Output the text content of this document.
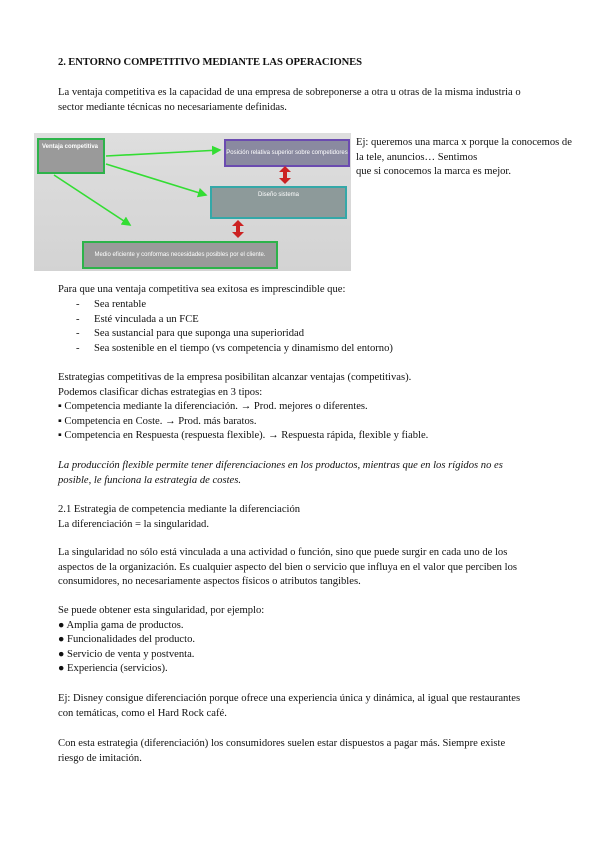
2. ENTORNO COMPETITIVO MEDIANTE LAS OPERACIONES
La ventaja competitiva es la capacidad de una empresa de sobreponerse a otra u otras de la misma industria o
sector mediante técnicas no necesariamente definidas.
Ventaja competitiva
Posición relativa superior sobre competidores
Diseño sistema
Medio eficiente y conformas necesidades posibles por el cliente.
Ej: queremos una marca x porque la conocemos de
la tele, anuncios… Sentimos
que si conocemos la marca es mejor.
Para que una ventaja competitiva sea exitosa es imprescindible que:
- Sea rentable
- Esté vinculada a un FCE
- Sea sustancial para que suponga una superioridad
- Sea sostenible en el tiempo (vs competencia y dinamismo del entorno)
Estrategias competitivas de la empresa posibilitan alcanzar ventajas (competitivas).
Podemos clasificar dichas estrategias en 3 tipos:
▪ Competencia mediante la diferenciación. → Prod. mejores o diferentes.
▪ Competencia en Coste. → Prod. más baratos.
▪ Competencia en Respuesta (respuesta flexible). → Respuesta rápida, flexible y fiable.
La producción flexible permite tener diferenciaciones en los productos, mientras que en los rígidos no es
posible, le funciona la estrategia de costes.
2.1 Estrategia de competencia mediante la diferenciación
La diferenciación = la singularidad.
La singularidad no sólo está vinculada a una actividad o función, sino que puede surgir en cada uno de los
aspectos de la organización. Es cualquier aspecto del bien o servicio que influya en el valor que perciben los
consumidores, no necesariamente aspectos físicos o atributos tangibles.
Se puede obtener esta singularidad, por ejemplo:
● Amplia gama de productos.
● Funcionalidades del producto.
● Servicio de venta y postventa.
● Experiencia (servicios).
Ej: Disney consigue diferenciación porque ofrece una experiencia única y dinámica, al igual que restaurantes
con temáticas, como el Hard Rock café.
Con esta estrategia (diferenciación) los consumidores suelen estar dispuestos a pagar más. Siempre existe
riesgo de imitación.
